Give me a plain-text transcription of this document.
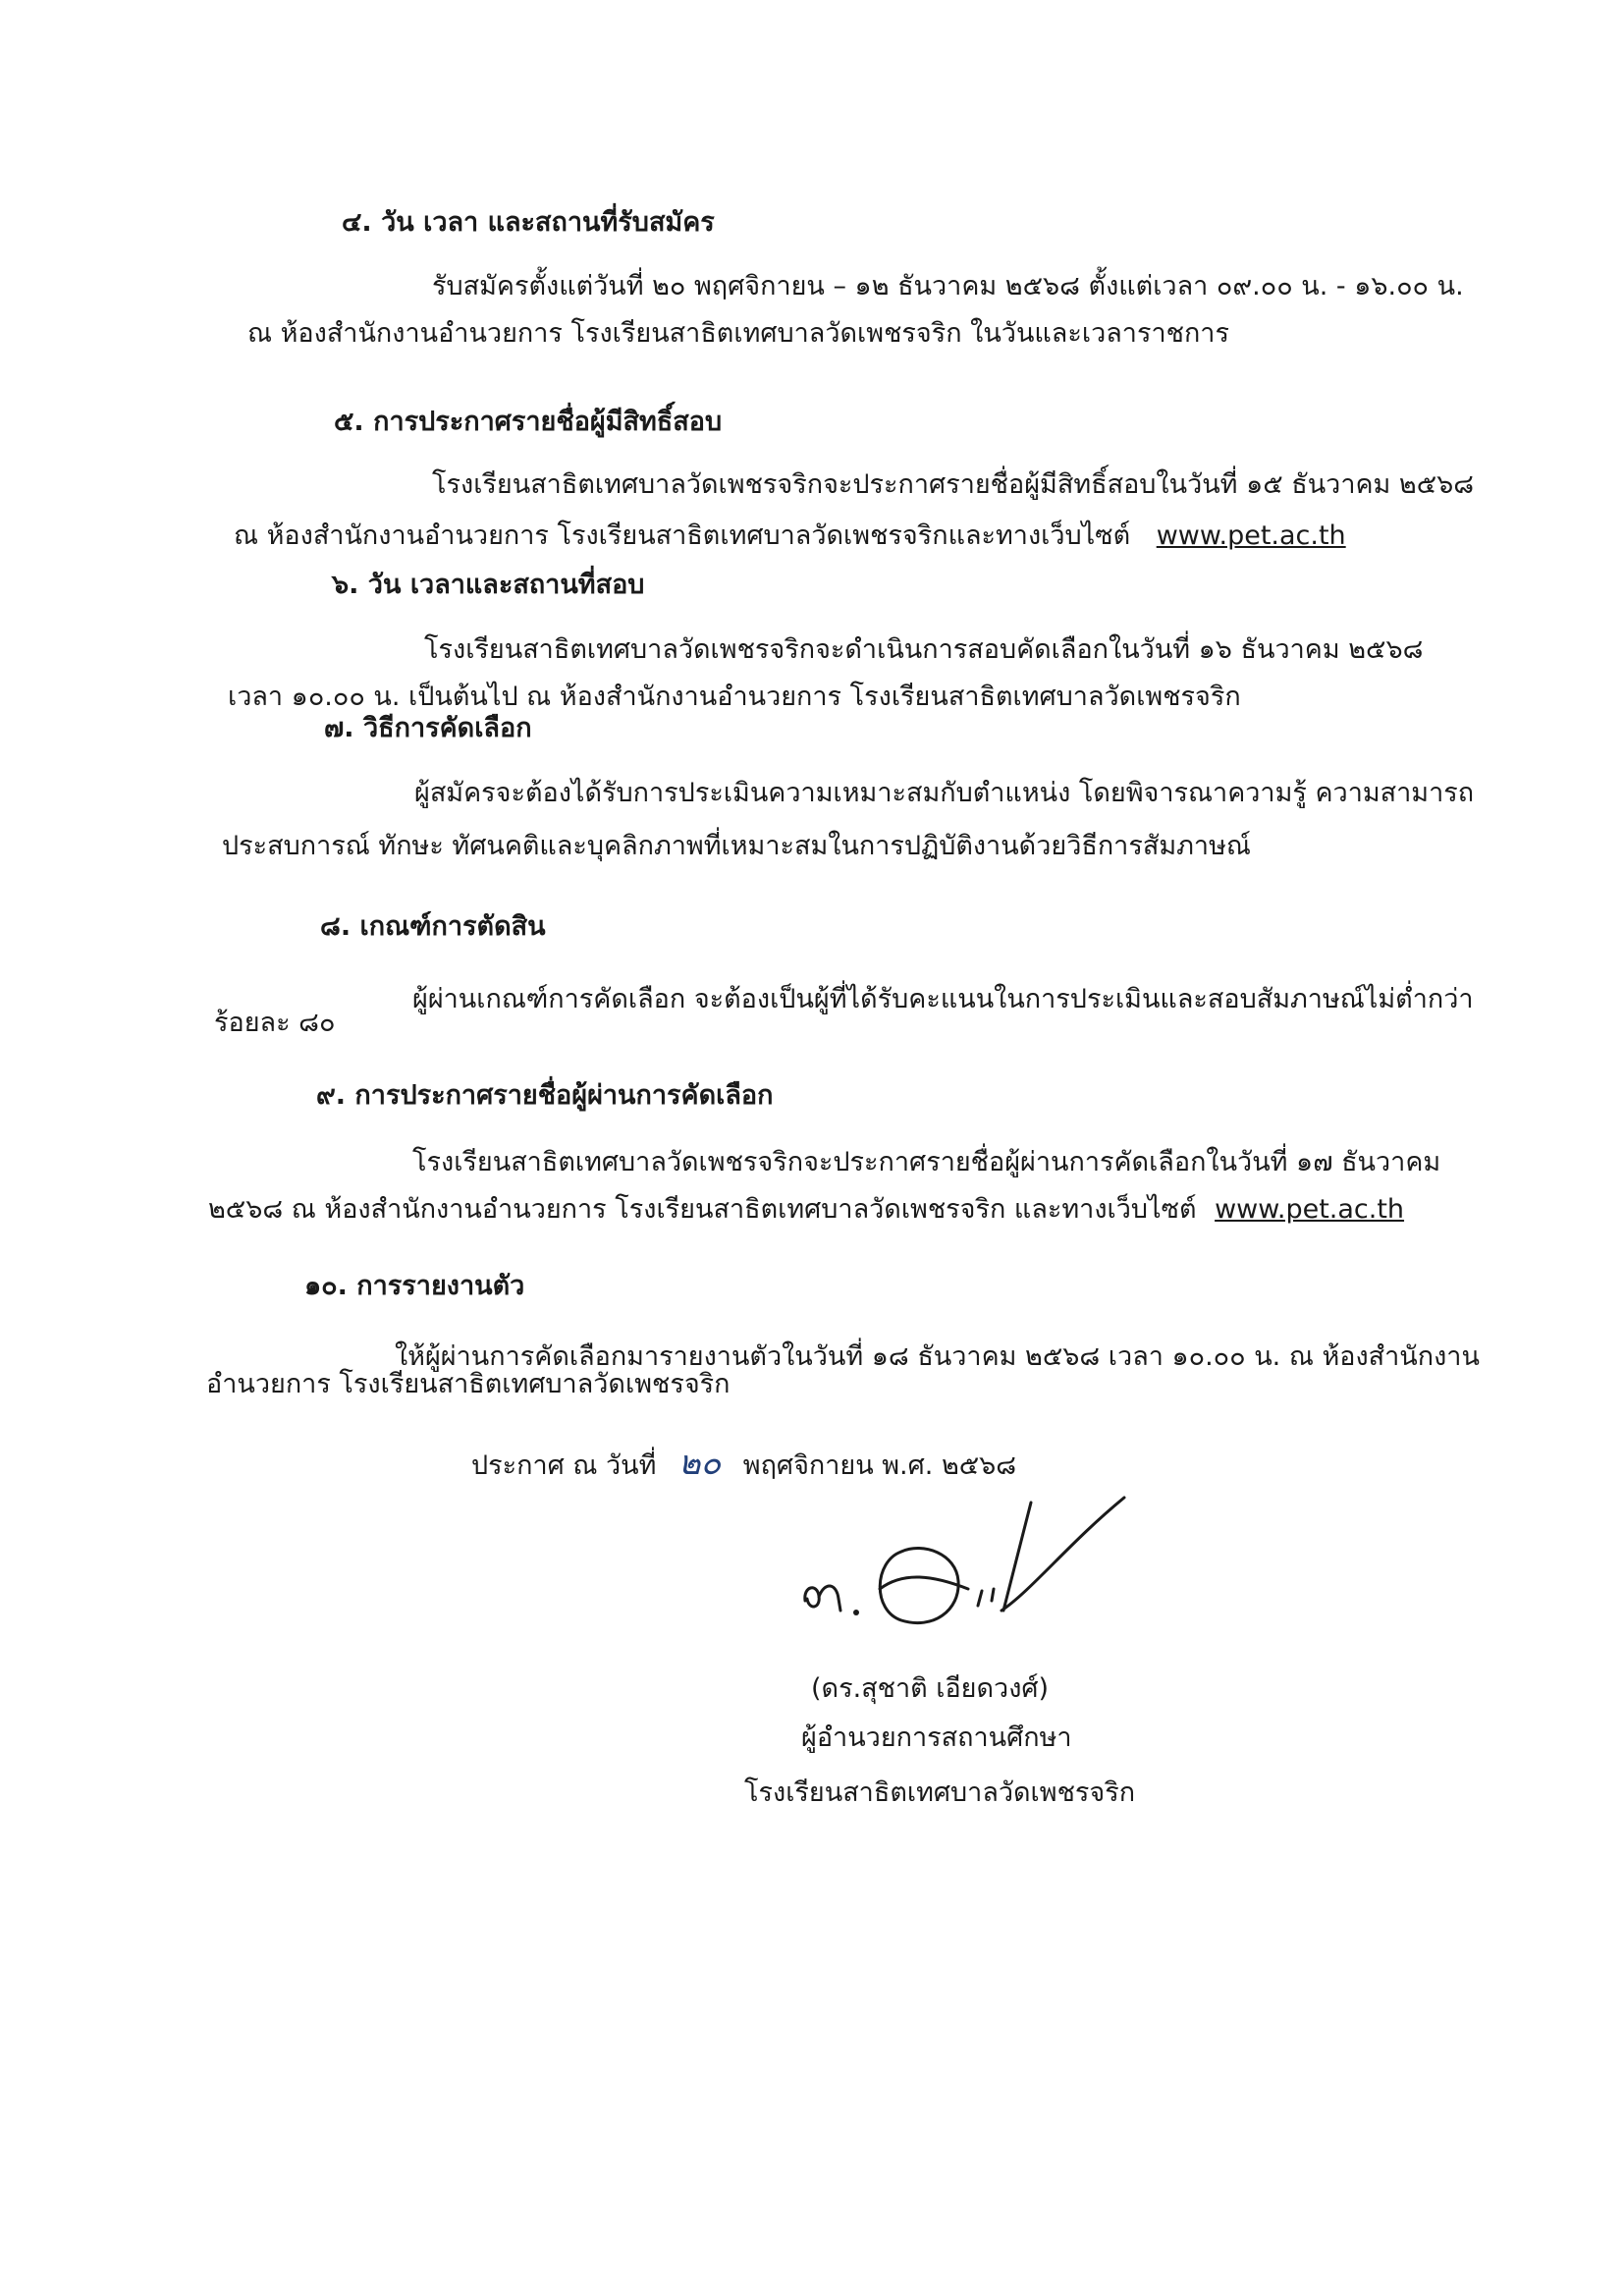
๔. วัน เวลา และสถานที่รับสมัคร
รับสมัครตั้งแต่วันที่ ๒๐ พฤศจิกายน – ๑๒ ธันวาคม ๒๕๖๘ ตั้งแต่เวลา ๐๙.๐๐ น. - ๑๖.๐๐ น.
ณ ห้องสำนักงานอำนวยการ โรงเรียนสาธิตเทศบาลวัดเพชรจริก ในวันและเวลาราชการ
๕. การประกาศรายชื่อผู้มีสิทธิ์สอบ
โรงเรียนสาธิตเทศบาลวัดเพชรจริกจะประกาศรายชื่อผู้มีสิทธิ์สอบในวันที่ ๑๕ ธันวาคม ๒๕๖๘
ณ ห้องสำนักงานอำนวยการ โรงเรียนสาธิตเทศบาลวัดเพชรจริกและทางเว็บไซต์ www.pet.ac.th
๖. วัน เวลาและสถานที่สอบ
โรงเรียนสาธิตเทศบาลวัดเพชรจริกจะดำเนินการสอบคัดเลือกในวันที่ ๑๖ ธันวาคม ๒๕๖๘
เวลา ๑๐.๐๐ น. เป็นต้นไป ณ ห้องสำนักงานอำนวยการ โรงเรียนสาธิตเทศบาลวัดเพชรจริก
๗. วิธีการคัดเลือก
ผู้สมัครจะต้องได้รับการประเมินความเหมาะสมกับตำแหน่ง โดยพิจารณาความรู้ ความสามารถ
ประสบการณ์ ทักษะ ทัศนคติและบุคลิกภาพที่เหมาะสมในการปฏิบัติงานด้วยวิธีการสัมภาษณ์
๘. เกณฑ์การตัดสิน
ผู้ผ่านเกณฑ์การคัดเลือก จะต้องเป็นผู้ที่ได้รับคะแนนในการประเมินและสอบสัมภาษณ์ไม่ต่ำกว่า
ร้อยละ ๘๐
๙. การประกาศรายชื่อผู้ผ่านการคัดเลือก
โรงเรียนสาธิตเทศบาลวัดเพชรจริกจะประกาศรายชื่อผู้ผ่านการคัดเลือกในวันที่ ๑๗ ธันวาคม
๒๕๖๘ ณ ห้องสำนักงานอำนวยการ โรงเรียนสาธิตเทศบาลวัดเพชรจริก และทางเว็บไซต์ www.pet.ac.th
๑๐. การรายงานตัว
ให้ผู้ผ่านการคัดเลือกมารายงานตัวในวันที่ ๑๘ ธันวาคม ๒๕๖๘ เวลา ๑๐.๐๐ น. ณ ห้องสำนักงาน
อำนวยการ โรงเรียนสาธิตเทศบาลวัดเพชรจริก
ประกาศ ณ วันที่ ๒๐ พฤศจิกายน พ.ศ. ๒๕๖๘
(ดร.สุชาติ เอียดวงศ์)
ผู้อำนวยการสถานศึกษา
โรงเรียนสาธิตเทศบาลวัดเพชรจริก
